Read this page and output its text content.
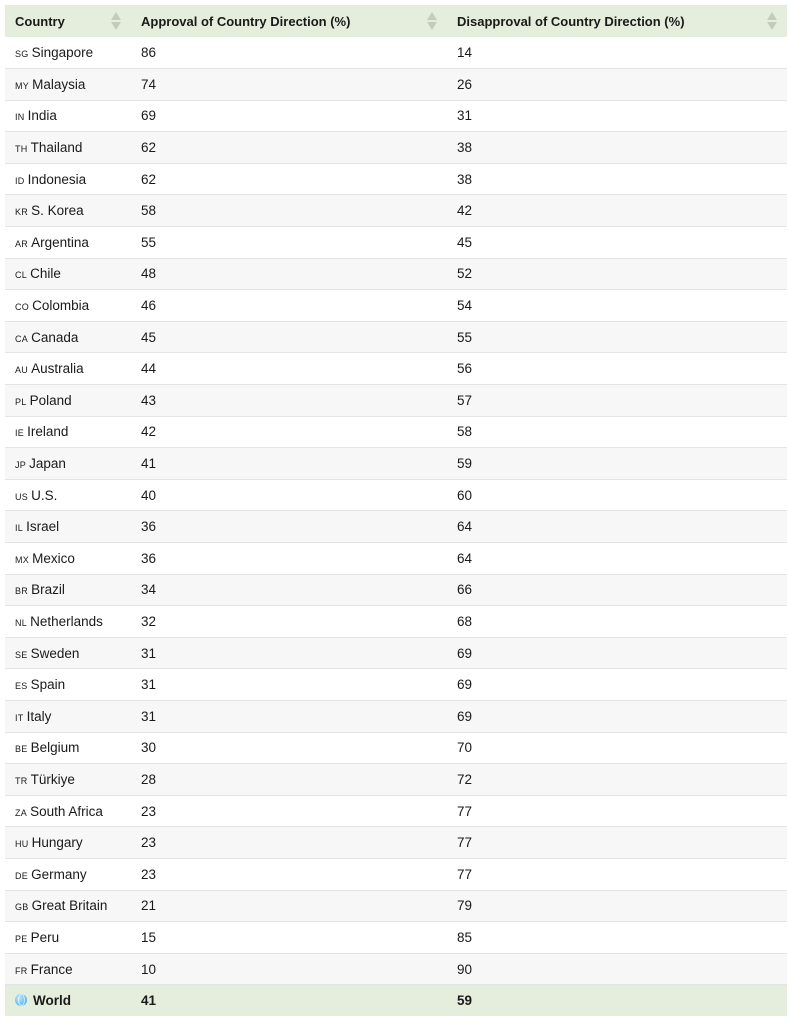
Country	Approval of Country Direction (%)	Disapproval of Country Direction (%)

SG Singapore	86	14
MY Malaysia	74	26
IN India	69	31
TH Thailand	62	38
ID Indonesia	62	38
KR S. Korea	58	42
AR Argentina	55	45
CL Chile	48	52
CO Colombia	46	54
CA Canada	45	55
AU Australia	44	56
PL Poland	43	57
IE Ireland	42	58
JP Japan	41	59
US U.S.	40	60
IL Israel	36	64
MX Mexico	36	64
BR Brazil	34	66
NL Netherlands	32	68
SE Sweden	31	69
ES Spain	31	69
IT Italy	31	69
BE Belgium	30	70
TR Türkiye	28	72
ZA South Africa	23	77
HU Hungary	23	77
DE Germany	23	77
GB Great Britain	21	79
PE Peru	15	85
FR France	10	90
World	41	59
